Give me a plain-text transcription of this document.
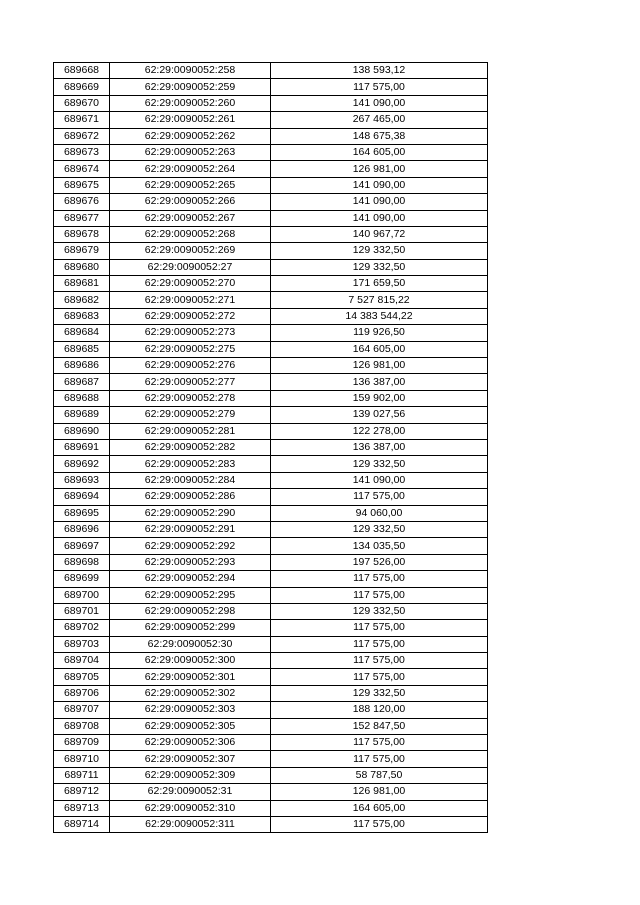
689668	62:29:0090052:258	138 593,12
689669	62:29:0090052:259	117 575,00
689670	62:29:0090052:260	141 090,00
689671	62:29:0090052:261	267 465,00
689672	62:29:0090052:262	148 675,38
689673	62:29:0090052:263	164 605,00
689674	62:29:0090052:264	126 981,00
689675	62:29:0090052:265	141 090,00
689676	62:29:0090052:266	141 090,00
689677	62:29:0090052:267	141 090,00
689678	62:29:0090052:268	140 967,72
689679	62:29:0090052:269	129 332,50
689680	62:29:0090052:27	129 332,50
689681	62:29:0090052:270	171 659,50
689682	62:29:0090052:271	7 527 815,22
689683	62:29:0090052:272	14 383 544,22
689684	62:29:0090052:273	119 926,50
689685	62:29:0090052:275	164 605,00
689686	62:29:0090052:276	126 981,00
689687	62:29:0090052:277	136 387,00
689688	62:29:0090052:278	159 902,00
689689	62:29:0090052:279	139 027,56
689690	62:29:0090052:281	122 278,00
689691	62:29:0090052:282	136 387,00
689692	62:29:0090052:283	129 332,50
689693	62:29:0090052:284	141 090,00
689694	62:29:0090052:286	117 575,00
689695	62:29:0090052:290	94 060,00
689696	62:29:0090052:291	129 332,50
689697	62:29:0090052:292	134 035,50
689698	62:29:0090052:293	197 526,00
689699	62:29:0090052:294	117 575,00
689700	62:29:0090052:295	117 575,00
689701	62:29:0090052:298	129 332,50
689702	62:29:0090052:299	117 575,00
689703	62:29:0090052:30	117 575,00
689704	62:29:0090052:300	117 575,00
689705	62:29:0090052:301	117 575,00
689706	62:29:0090052:302	129 332,50
689707	62:29:0090052:303	188 120,00
689708	62:29:0090052:305	152 847,50
689709	62:29:0090052:306	117 575,00
689710	62:29:0090052:307	117 575,00
689711	62:29:0090052:309	58 787,50
689712	62:29:0090052:31	126 981,00
689713	62:29:0090052:310	164 605,00
689714	62:29:0090052:311	117 575,00
